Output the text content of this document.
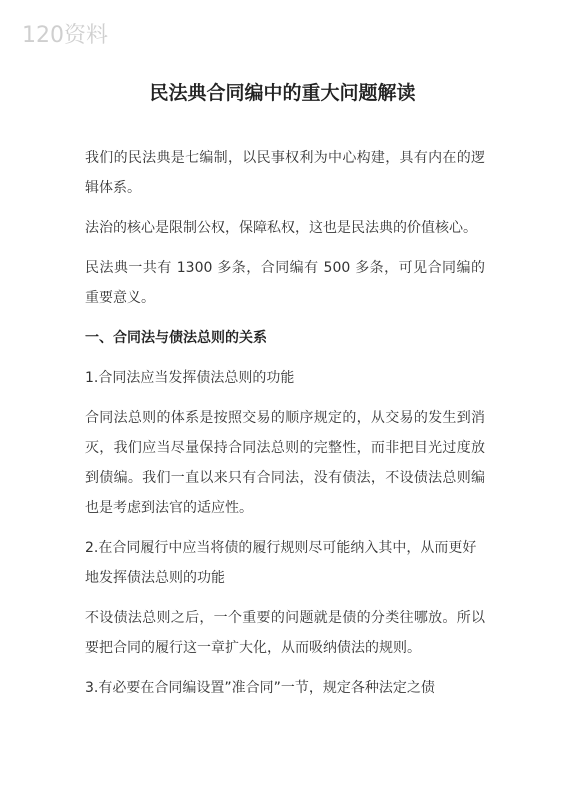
120资料
民法典合同编中的重大问题解读

我们的民法典是七编制，以民事权利为中心构建，具有内在的逻辑体系。

法治的核心是限制公权，保障私权，这也是民法典的价值核心。

民法典一共有 1300 多条，合同编有 500 多条，可见合同编的重要意义。

一、合同法与债法总则的关系

1.合同法应当发挥债法总则的功能

合同法总则的体系是按照交易的顺序规定的，从交易的发生到消灭，我们应当尽量保持合同法总则的完整性，而非把目光过度放到债编。我们一直以来只有合同法，没有债法，不设债法总则编也是考虑到法官的适应性。

2.在合同履行中应当将债的履行规则尽可能纳入其中，从而更好地发挥债法总则的功能

不设债法总则之后，一个重要的问题就是债的分类往哪放。所以要把合同的履行这一章扩大化，从而吸纳债法的规则。

3.有必要在合同编设置”准合同”一节，规定各种法定之债
